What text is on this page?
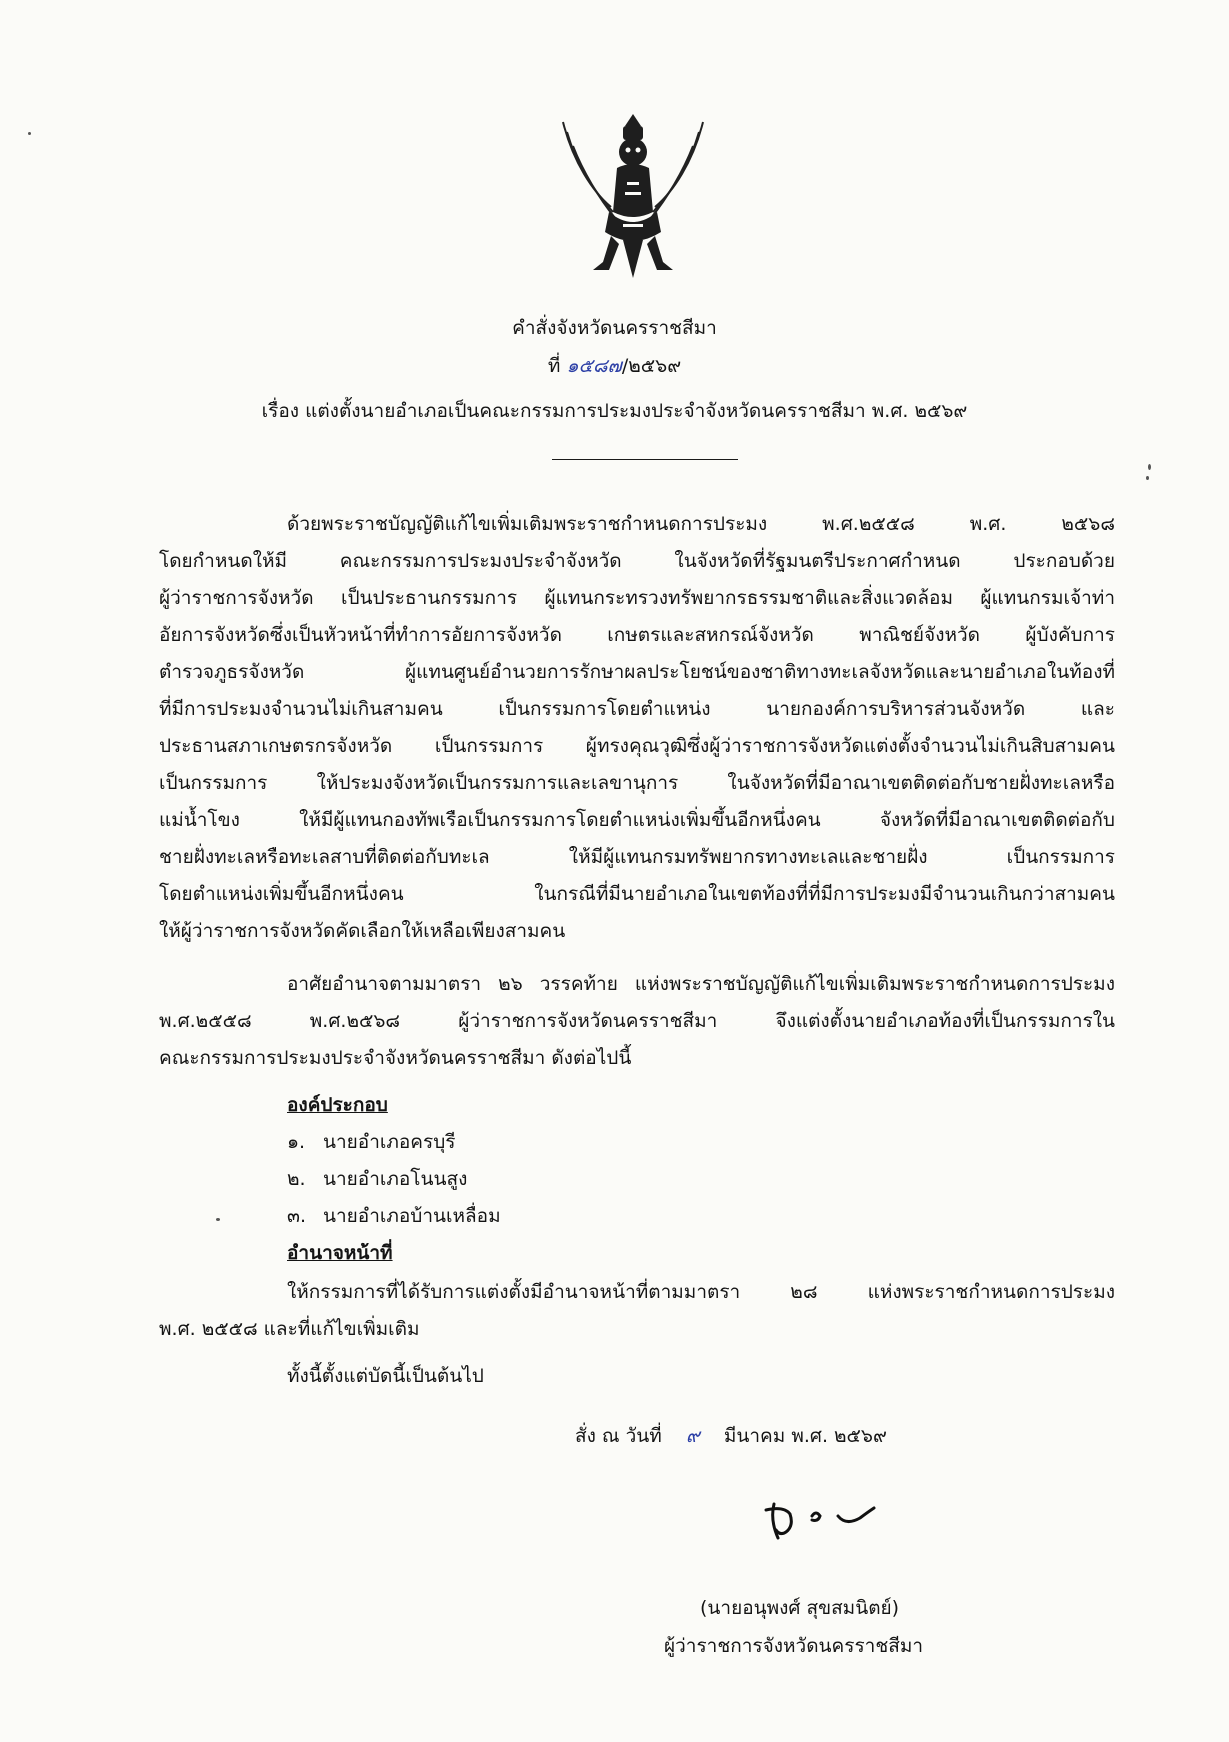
คำสั่งจังหวัดนครราชสีมา
ที่ ๑๕๘๗/๒๕๖๙
เรื่อง แต่งตั้งนายอำเภอเป็นคณะกรรมการประมงประจำจังหวัดนครราชสีมา พ.ศ. ๒๕๖๙
ด้วยพระราชบัญญัติแก้ไขเพิ่มเติมพระราชกำหนดการประมง พ.ศ.๒๕๕๘ พ.ศ. ๒๕๖๘
โดยกำหนดให้มี คณะกรรมการประมงประจำจังหวัด ในจังหวัดที่รัฐมนตรีประกาศกำหนด ประกอบด้วย
ผู้ว่าราชการจังหวัด เป็นประธานกรรมการ ผู้แทนกระทรวงทรัพยากรธรรมชาติและสิ่งแวดล้อม ผู้แทนกรมเจ้าท่า
อัยการจังหวัดซึ่งเป็นหัวหน้าที่ทำการอัยการจังหวัด เกษตรและสหกรณ์จังหวัด พาณิชย์จังหวัด ผู้บังคับการ
ตำรวจภูธรจังหวัด ผู้แทนศูนย์อำนวยการรักษาผลประโยชน์ของชาติทางทะเลจังหวัดและนายอำเภอในท้องที่
ที่มีการประมงจำนวนไม่เกินสามคน เป็นกรรมการโดยตำแหน่ง นายกองค์การบริหารส่วนจังหวัด และ
ประธานสภาเกษตรกรจังหวัด เป็นกรรมการ ผู้ทรงคุณวุฒิซึ่งผู้ว่าราชการจังหวัดแต่งตั้งจำนวนไม่เกินสิบสามคน
เป็นกรรมการ ให้ประมงจังหวัดเป็นกรรมการและเลขานุการ ในจังหวัดที่มีอาณาเขตติดต่อกับชายฝั่งทะเลหรือ
แม่น้ำโขง ให้มีผู้แทนกองทัพเรือเป็นกรรมการโดยตำแหน่งเพิ่มขึ้นอีกหนึ่งคน จังหวัดที่มีอาณาเขตติดต่อกับ
ชายฝั่งทะเลหรือทะเลสาบที่ติดต่อกับทะเล ให้มีผู้แทนกรมทรัพยากรทางทะเลและชายฝั่ง เป็นกรรมการ
โดยตำแหน่งเพิ่มขึ้นอีกหนึ่งคน ในกรณีที่มีนายอำเภอในเขตท้องที่ที่มีการประมงมีจำนวนเกินกว่าสามคน
ให้ผู้ว่าราชการจังหวัดคัดเลือกให้เหลือเพียงสามคน
อาศัยอำนาจตามมาตรา ๒๖ วรรคท้าย แห่งพระราชบัญญัติแก้ไขเพิ่มเติมพระราชกำหนดการประมง
พ.ศ.๒๕๕๘ พ.ศ.๒๕๖๘ ผู้ว่าราชการจังหวัดนครราชสีมา จึงแต่งตั้งนายอำเภอท้องที่เป็นกรรมการใน
คณะกรรมการประมงประจำจังหวัดนครราชสีมา ดังต่อไปนี้
องค์ประกอบ
๑. นายอำเภอครบุรี
๒. นายอำเภอโนนสูง
๓. นายอำเภอบ้านเหลื่อม
อำนาจหน้าที่
ให้กรรมการที่ได้รับการแต่งตั้งมีอำนาจหน้าที่ตามมาตรา ๒๘ แห่งพระราชกำหนดการประมง
พ.ศ. ๒๕๕๘ และที่แก้ไขเพิ่มเติม
ทั้งนี้ตั้งแต่บัดนี้เป็นต้นไป
สั่ง ณ วันที่ ๙ มีนาคม พ.ศ. ๒๕๖๙
(นายอนุพงศ์ สุขสมนิตย์)
ผู้ว่าราชการจังหวัดนครราชสีมา
